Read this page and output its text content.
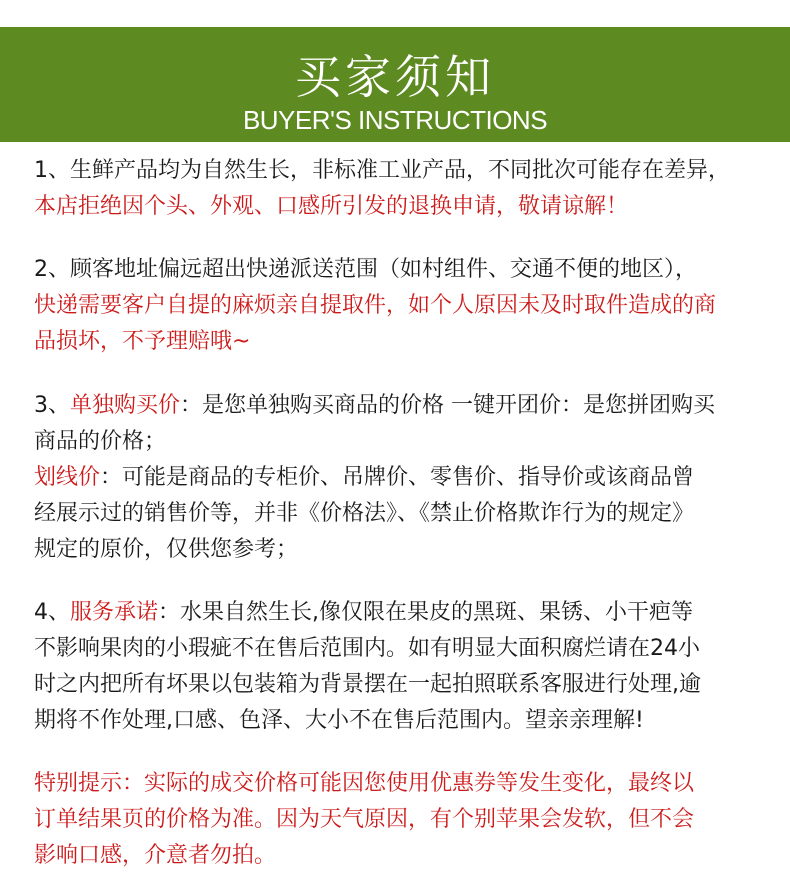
买家须知
BUYER'S INSTRUCTIONS
1、生鲜产品均为自然生长，非标准工业产品，不同批次可能存在差异，
本店拒绝因个头、外观、口感所引发的退换申请，敬请谅解！
2、顾客地址偏远超出快递派送范围（如村组件、交通不便的地区），
快递需要客户自提的麻烦亲自提取件，如个人原因未及时取件造成的商
品损坏，不予理赔哦~
3、单独购买价：是您单独购买商品的价格 一键开团价：是您拼团购买
商品的价格；
划线价：可能是商品的专柜价、吊牌价、零售价、指导价或该商品曾
经展示过的销售价等，并非《价格法》、《禁止价格欺诈行为的规定》
规定的原价，仅供您参考；
4、服务承诺：水果自然生长,像仅限在果皮的黑斑、果锈、小干疤等
不影响果肉的小瑕疵不在售后范围内。如有明显大面积腐烂请在24小
时之内把所有坏果以包装箱为背景摆在一起拍照联系客服进行处理,逾
期将不作处理,口感、色泽、大小不在售后范围内。望亲亲理解!
特别提示：实际的成交价格可能因您使用优惠券等发生变化，最终以
订单结果页的价格为准。因为天气原因，有个别苹果会发软，但不会
影响口感，介意者勿拍。
